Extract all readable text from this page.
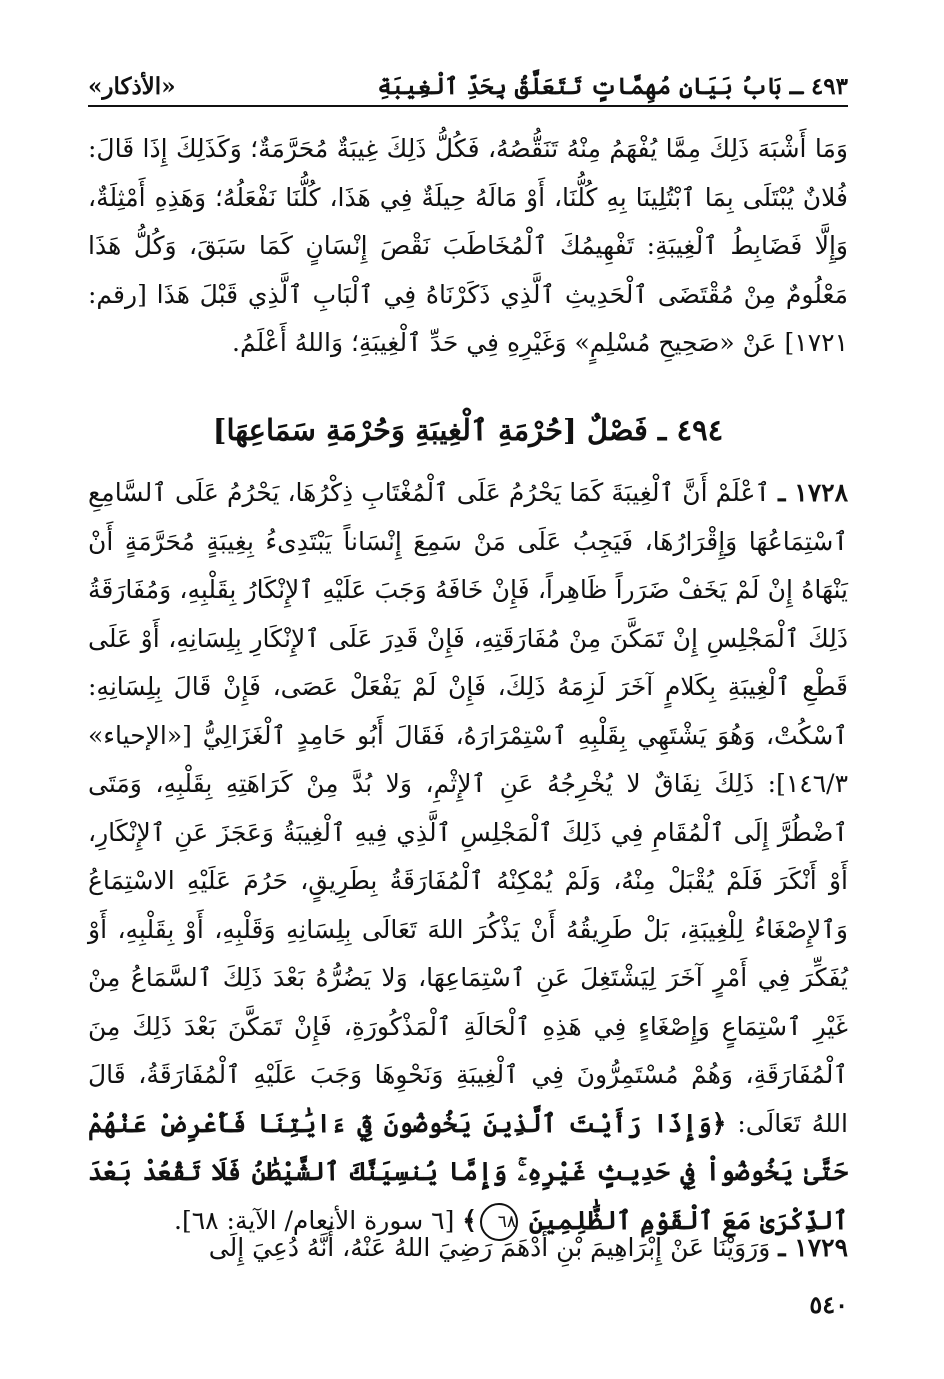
٤٩٣ ـ بَابُ بَيَانِ مُهِمَّاتٍ تَتَعَلَّقُ بِحَدِّ ٱلْغِيبَةِ
«الأذكار»

وَمَا أَشْبَهَ ذَلِكَ مِمَّا يُفْهَمُ مِنْهُ تَنَقُّصُهُ، فَكُلُّ ذَلِكَ غِيبَةٌ مُحَرَّمَةٌ؛ وَكَذَلِكَ إِذَا قَالَ: فُلانٌ يُبْتَلَى بِمَا ٱبْتُلِينَا بِهِ كُلُّنَا، أَوْ مَالَهُ حِيلَةٌ فِي هَذَا، كُلُّنَا نَفْعَلُهُ؛ وَهَذِهِ أَمْثِلَةٌ، وَإِلَّا فَضَابِطُ ٱلْغِيبَةِ: تَفْهِيمُكَ ٱلْمُخَاطَبَ نَقْصَ إِنْسَانٍ كَمَا سَبَقَ، وَكُلُّ هَذَا مَعْلُومٌ مِنْ مُقْتَضَى ٱلْحَدِيثِ ٱلَّذِي ذَكَرْنَاهُ فِي ٱلْبَابِ ٱلَّذِي قَبْلَ هَذَا [رقم: ١٧٢١] عَنْ «صَحِيحِ مُسْلِمٍ» وَغَيْرِهِ فِي حَدِّ ٱلْغِيبَةِ؛ وَاللهُ أَعْلَمُ.

٤٩٤ ـ فَصْلٌ [حُرْمَةِ ٱلْغِيبَةِ وَحُرْمَةِ سَمَاعِهَا]

١٧٢٨ ـ ٱعْلَمْ أَنَّ ٱلْغِيبَةَ كَمَا يَحْرُمُ عَلَى ٱلْمُغْتَابِ ذِكْرُهَا، يَحْرُمُ عَلَى ٱلسَّامِعِ ٱسْتِمَاعُهَا وَإِقْرَارُهَا، فَيَجِبُ عَلَى مَنْ سَمِعَ إِنْسَاناً يَبْتَدِىءُ بِغِيبَةٍ مُحَرَّمَةٍ أَنْ يَنْهَاهُ إِنْ لَمْ يَخَفْ ضَرَراً ظَاهِراً، فَإِنْ خَافَهُ وَجَبَ عَلَيْهِ ٱلإِنْكَارُ بِقَلْبِهِ، وَمُفَارَقَةُ ذَلِكَ ٱلْمَجْلِسِ إِنْ تَمَكَّنَ مِنْ مُفَارَقَتِهِ، فَإِنْ قَدِرَ عَلَى ٱلإِنْكَارِ بِلِسَانِهِ، أَوْ عَلَى قَطْعِ ٱلْغِيبَةِ بِكَلامٍ آخَرَ لَزِمَهُ ذَلِكَ، فَإِنْ لَمْ يَفْعَلْ عَصَى، فَإِنْ قَالَ بِلِسَانِهِ: ٱسْكُتْ، وَهُوَ يَشْتَهِي بِقَلْبِهِ ٱسْتِمْرَارَهُ، فَقَالَ أَبُو حَامِدٍ ٱلْغَزَالِيُّ [«الإحياء» ١٤٦/٣]: ذَلِكَ نِفَاقٌ لا يُخْرِجُهُ عَنِ ٱلإِثْمِ، وَلا بُدَّ مِنْ كَرَاهَتِهِ بِقَلْبِهِ، وَمَتَى ٱضْطُرَّ إِلَى ٱلْمُقَامِ فِي ذَلِكَ ٱلْمَجْلِسِ ٱلَّذِي فِيهِ ٱلْغِيبَةُ وَعَجَزَ عَنِ ٱلإِنْكَارِ، أَوْ أَنْكَرَ فَلَمْ يُقْبَلْ مِنْهُ، وَلَمْ يُمْكِنْهُ ٱلْمُفَارَقَةُ بِطَرِيقٍ، حَرُمَ عَلَيْهِ الاسْتِمَاعُ وَٱلإِصْغَاءُ لِلْغِيبَةِ، بَلْ طَرِيقُهُ أَنْ يَذْكُرَ اللهَ تَعَالَى بِلِسَانِهِ وَقَلْبِهِ، أَوْ بِقَلْبِهِ، أَوْ يُفَكِّرَ فِي أَمْرٍ آخَرَ لِيَشْتَغِلَ عَنِ ٱسْتِمَاعِهَا، وَلا يَضُرُّهُ بَعْدَ ذَلِكَ ٱلسَّمَاعُ مِنْ غَيْرِ ٱسْتِمَاعٍ وَإِصْغَاءٍ فِي هَذِهِ ٱلْحَالَةِ ٱلْمَذْكُورَةِ، فَإِنْ تَمَكَّنَ بَعْدَ ذَلِكَ مِنَ ٱلْمُفَارَقَةِ، وَهُمْ مُسْتَمِرُّونَ فِي ٱلْغِيبَةِ وَنَحْوِهَا وَجَبَ عَلَيْهِ ٱلْمُفَارَقَةُ، قَالَ اللهُ تَعَالَى: ﴿وَإِذَا رَأَيْتَ ٱلَّذِينَ يَخُوضُونَ فِيٓ ءَايَٰتِنَا فَأَعْرِضْ عَنْهُمْ حَتَّىٰ يَخُوضُواْ فِي حَدِيثٍ غَيْرِهِۦۚ وَإِمَّا يُنسِيَنَّكَ ٱلشَّيْطَٰنُ فَلَا تَقْعُدْ بَعْدَ ٱلذِّكْرَىٰ مَعَ ٱلْقَوْمِ ٱلظَّٰلِمِينَ ٦٨﴾ [٦ سورة الأنعام/ الآية: ٦٨].

١٧٢٩ ـ وَرَوَيْنَا عَنْ إِبْرَاهِيمَ بْنِ أَدْهَمَ رَضِيَ اللهُ عَنْهُ، أَنَّهُ دُعِيَ إِلَى

٥٤٠
